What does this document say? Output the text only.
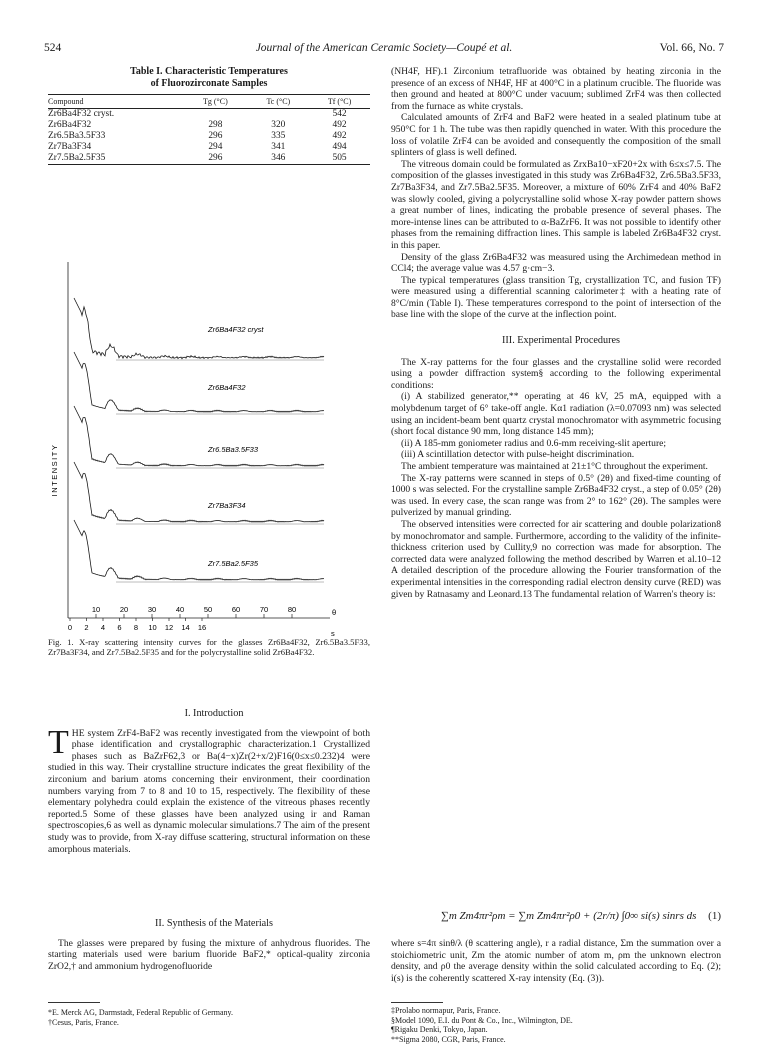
524	Journal of the American Ceramic Society—Coupé et al.	Vol. 66, No. 7
Table I. Characteristic Temperatures
of Fluorozirconate Samples
Compound	Tg (°C)	Tc (°C)	Tf (°C)
Zr6Ba4F32 cryst.			542
Zr6Ba4F32	298	320	492
Zr6.5Ba3.5F33	296	335	492
Zr7Ba3F34	294	341	494
Zr7.5Ba2.5F35	296	346	505
INTENSITY
Zr6Ba4F32 cryst
Zr6Ba4F32
Zr6.5Ba3.5F33
Zr7Ba3F34
Zr7.5Ba2.5F35
10	20	30	40	50	60	70	80
0 2 4 6 8 10 12 14 16
θ
s
Fig. 1. X-ray scattering intensity curves for the glasses Zr6Ba4F32, Zr6.5Ba3.5F33, Zr7Ba3F34, and Zr7.5Ba2.5F35 and for the polycrystalline solid Zr6Ba4F32.

I. Introduction

THE system ZrF4-BaF2 was recently investigated from the viewpoint of both phase identification and crystallographic characterization.1 Crystallized phases such as BaZrF62,3 or Ba(4−x)Zr(2+x/2)F16(0≤x≤0.232)4 were studied in this way. Their crystalline structure indicates the great flexibility of the zirconium and barium atoms concerning their environment, their coordination numbers varying from 7 to 8 and 10 to 15, respectively. The flexibility of these elementary polyhedra could explain the existence of the vitreous phases recently reported.5 Some of these glasses have been analyzed using ir and Raman spectroscopies,6 as well as dynamic molecular simulations.7 The aim of the present study was to provide, from X-ray diffuse scattering, structural information on these amorphous materials.

II. Synthesis of the Materials

The glasses were prepared by fusing the mixture of anhydrous fluorides. The starting materials used were barium fluoride BaF2,* optical-quality zirconia ZrO2,† and ammonium hydrogenofluoride

*E. Merck AG, Darmstadt, Federal Republic of Germany.
†Cesus, Paris, France.

(NH4F, HF).1 Zirconium tetrafluoride was obtained by heating zirconia in the presence of an excess of NH4F, HF at 400°C in a platinum crucible. The fluoride was then ground and heated at 800°C under vacuum; sublimed ZrF4 was then collected from the furnace as white crystals.

Calculated amounts of ZrF4 and BaF2 were heated in a sealed platinum tube at 950°C for 1 h. The tube was then rapidly quenched in water. With this procedure the loss of volatile ZrF4 can be avoided and consequently the composition of the small splinters of glass is well defined.

The vitreous domain could be formulated as ZrxBa10−xF20+2x with 6≤x≤7.5. The composition of the glasses investigated in this study was Zr6Ba4F32, Zr6.5Ba3.5F33, Zr7Ba3F34, and Zr7.5Ba2.5F35. Moreover, a mixture of 60% ZrF4 and 40% BaF2 was slowly cooled, giving a polycrystalline solid whose X-ray powder pattern shows a great number of lines, indicating the probable presence of several phases. The more-intense lines can be attributed to α-BaZrF6. It was not possible to identify other phases from the remaining diffraction lines. This sample is labeled Zr6Ba4F32 cryst. in this paper.

Density of the glass Zr6Ba4F32 was measured using the Archimedean method in CCl4; the average value was 4.57 g·cm−3.

The typical temperatures (glass transition Tg, crystallization TC, and fusion TF) were measured using a differential scanning calorimeter‡ with a heating rate of 8°C/min (Table I). These temperatures correspond to the point of intersection of the base line with the slope of the curve at the inflection point.

III. Experimental Procedures

The X-ray patterns for the four glasses and the crystalline solid were recorded using a powder diffraction system§ according to the following experimental conditions:

(i) A stabilized generator,** operating at 46 kV, 25 mA, equipped with a molybdenum target of 6° take-off angle. Kα1 radiation (λ=0.07093 nm) was selected using an incident-beam bent quartz crystal monochromator with asymmetric focusing (short focal distance 90 mm, long distance 145 mm);

(ii) A 185-mm goniometer radius and 0.6-mm receiving-slit aperture;

(iii) A scintillation detector with pulse-height discrimination.

The ambient temperature was maintained at 21±1°C throughout the experiment.

The X-ray patterns were scanned in steps of 0.5° (2θ) and fixed-time counting of 1000 s was selected. For the crystalline sample Zr6Ba4F32 cryst., a step of 0.05° (2θ) was used. In every case, the scan range was from 2° to 162° (2θ). The samples were pulverized by manual grinding.

The observed intensities were corrected for air scattering and double polarization8 by monochromator and sample. Furthermore, according to the validity of the infinite-thickness criterion used by Cullity,9 no correction was made for absorption. The corrected data were analyzed following the method described by Warren et al.10–12 A detailed description of the procedure allowing the Fourier transformation of the experimental intensities in the corresponding radial electron density curve (RED) was given by Ratnasamy and Leonard.13 The fundamental relation of Warren's theory is:

∑m Zm4πr²ρm = ∑m Zm4πr²ρ0 + (2r/π) ∫0∞ si(s) sinrs ds (1)

where s=4π sinθ/λ (θ scattering angle), r a radial distance, Σm the summation over a stoichiometric unit, Zm the atomic number of atom m, ρm the unknown electron density, and ρ0 the average density within the solid calculated according to Eq. (2); i(s) is the coherently scattered X-ray intensity (Eq. (3)).

‡Prolabo normapur, Paris, France.
§Model 1090, E.I. du Pont & Co., Inc., Wilmington, DE.
¶Rigaku Denki, Tokyo, Japan.
**Sigma 2080, CGR, Paris, France.
